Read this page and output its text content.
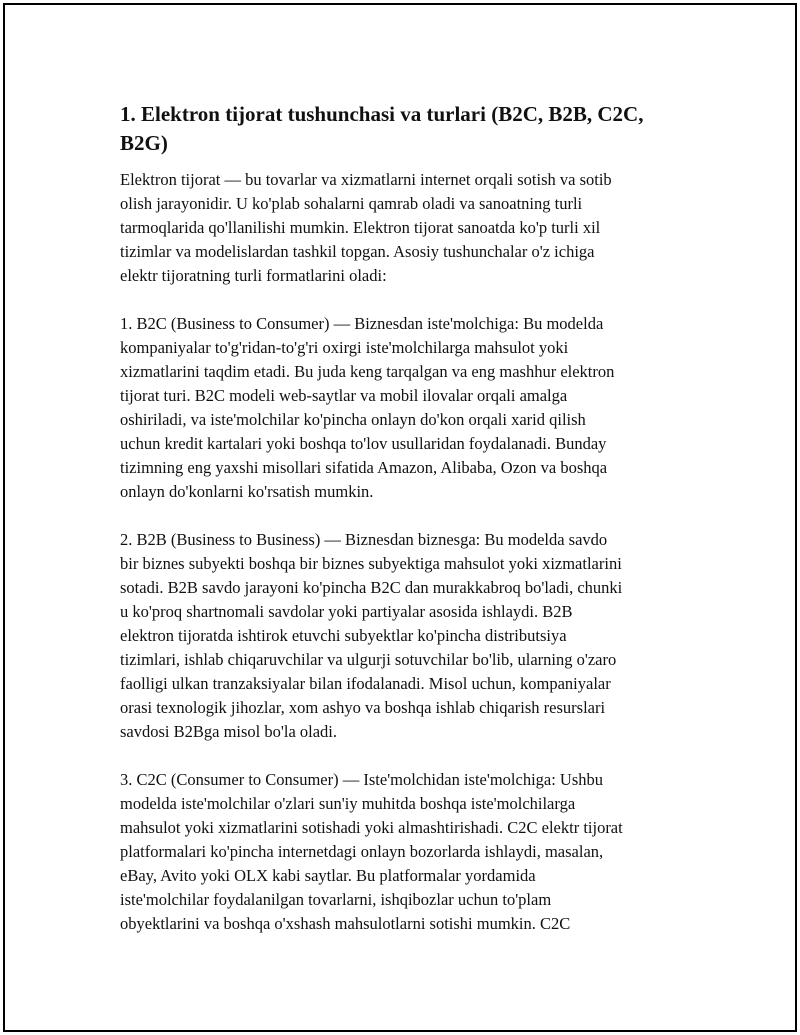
1. Elektron tijorat tushunchasi va turlari (B2C, B2B, C2C,
B2G)
Elektron tijorat — bu tovarlar va xizmatlarni internet orqali sotish va sotib
olish jarayonidir. U ko'plab sohalarni qamrab oladi va sanoatning turli
tarmoqlarida qo'llanilishi mumkin. Elektron tijorat sanoatda ko'p turli xil
tizimlar va modelislardan tashkil topgan. Asosiy tushunchalar o'z ichiga
elektr tijoratning turli formatlarini oladi:
1. B2C (Business to Consumer) — Biznesdan iste'molchiga: Bu modelda
kompaniyalar to'g'ridan-to'g'ri oxirgi iste'molchilarga mahsulot yoki
xizmatlarini taqdim etadi. Bu juda keng tarqalgan va eng mashhur elektron
tijorat turi. B2C modeli web-saytlar va mobil ilovalar orqali amalga
oshiriladi, va iste'molchilar ko'pincha onlayn do'kon orqali xarid qilish
uchun kredit kartalari yoki boshqa to'lov usullaridan foydalanadi. Bunday
tizimning eng yaxshi misollari sifatida Amazon, Alibaba, Ozon va boshqa
onlayn do'konlarni ko'rsatish mumkin.
2. B2B (Business to Business) — Biznesdan biznesga: Bu modelda savdo
bir biznes subyekti boshqa bir biznes subyektiga mahsulot yoki xizmatlarini
sotadi. B2B savdo jarayoni ko'pincha B2C dan murakkabroq bo'ladi, chunki
u ko'proq shartnomali savdolar yoki partiyalar asosida ishlaydi. B2B
elektron tijoratda ishtirok etuvchi subyektlar ko'pincha distributsiya
tizimlari, ishlab chiqaruvchilar va ulgurji sotuvchilar bo'lib, ularning o'zaro
faolligi ulkan tranzaksiyalar bilan ifodalanadi. Misol uchun, kompaniyalar
orasi texnologik jihozlar, xom ashyo va boshqa ishlab chiqarish resurslari
savdosi B2Bga misol bo'la oladi.
3. C2C (Consumer to Consumer) — Iste'molchidan iste'molchiga: Ushbu
modelda iste'molchilar o'zlari sun'iy muhitda boshqa iste'molchilarga
mahsulot yoki xizmatlarini sotishadi yoki almashtirishadi. C2C elektr tijorat
platformalari ko'pincha internetdagi onlayn bozorlarda ishlaydi, masalan,
eBay, Avito yoki OLX kabi saytlar. Bu platformalar yordamida
iste'molchilar foydalanilgan tovarlarni, ishqibozlar uchun to'plam
obyektlarini va boshqa o'xshash mahsulotlarni sotishi mumkin. C2C
